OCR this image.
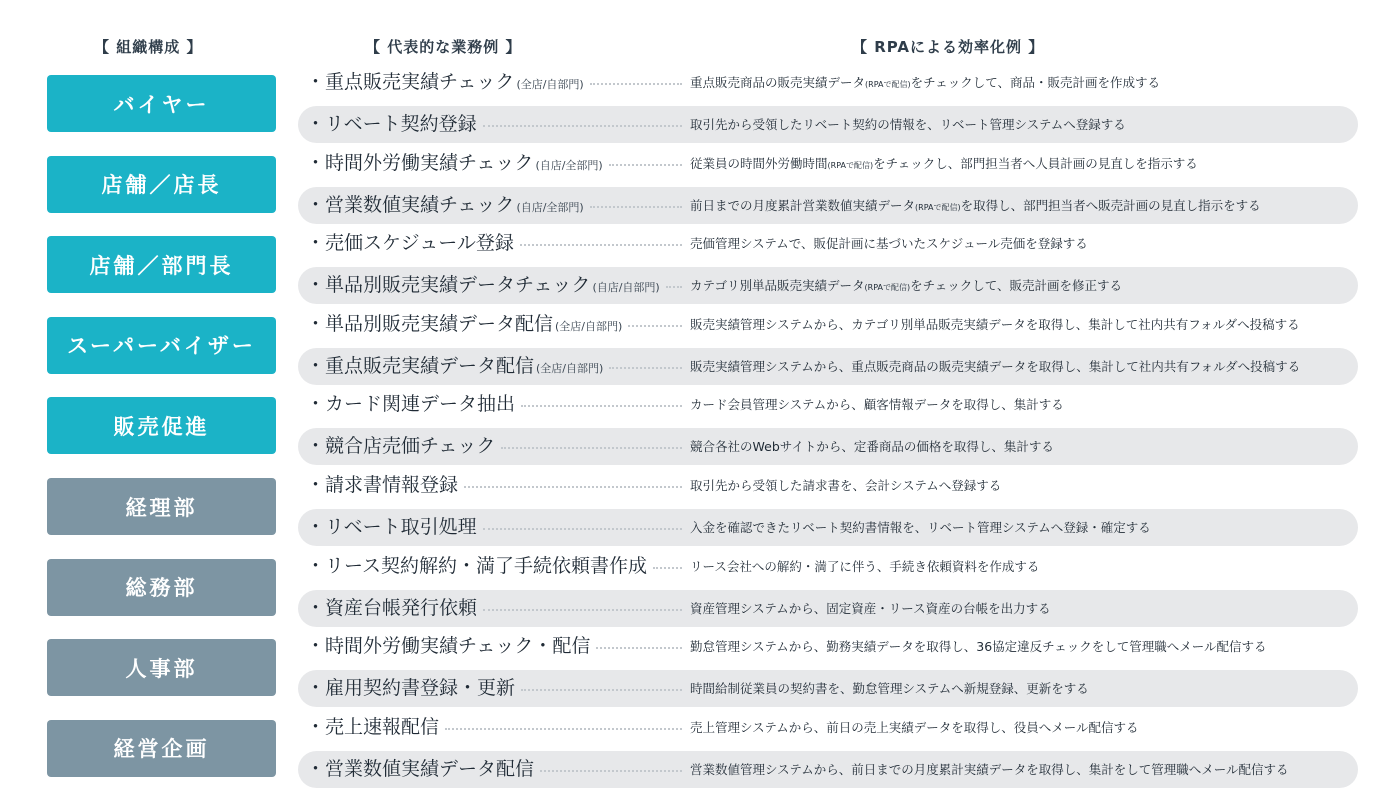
【 組織構成 】	【 代表的な業務例 】	【 RPAによる効率化例 】
バイヤー
・重点販売実績チェック (全店/自部門)	重点販売商品の販売実績データ(RPAで配信)をチェックして、商品・販売計画を作成する
・リベート契約登録	取引先から受領したリベート契約の情報を、リベート管理システムへ登録する
店舗／店長
・時間外労働実績チェック (自店/全部門)	従業員の時間外労働時間(RPAで配信)をチェックし、部門担当者へ人員計画の見直しを指示する
・営業数値実績チェック (自店/全部門)	前日までの月度累計営業数値実績データ(RPAで配信)を取得し、部門担当者へ販売計画の見直し指示をする
店舗／部門長
・売価スケジュール登録	売価管理システムで、販促計画に基づいたスケジュール売価を登録する
・単品別販売実績データチェック (自店/自部門) カテゴリ別単品販売実績データ(RPAで配信)をチェックして、販売計画を修正する
スーパーバイザー
・単品別販売実績データ配信 (全店/自部門)	販売実績管理システムから、カテゴリ別単品販売実績データを取得し、集計して社内共有フォルダへ投稿する
・重点販売実績データ配信 (全店/自部門)	販売実績管理システムから、重点販売商品の販売実績データを取得し、集計して社内共有フォルダへ投稿する
販売促進
・カード関連データ抽出	カード会員管理システムから、顧客情報データを取得し、集計する
・競合店売価チェック	競合各社のWebサイトから、定番商品の価格を取得し、集計する
経理部
・請求書情報登録	取引先から受領した請求書を、会計システムへ登録する
・リベート取引処理	入金を確認できたリベート契約書情報を、リベート管理システムへ登録・確定する
総務部
・リース契約解約・満了手続依頼書作成	リース会社への解約・満了に伴う、手続き依頼資料を作成する
・資産台帳発行依頼	資産管理システムから、固定資産・リース資産の台帳を出力する
人事部
・時間外労働実績チェック・配信	勤怠管理システムから、勤務実績データを取得し、36協定違反チェックをして管理職へメール配信する
・雇用契約書登録・更新	時間給制従業員の契約書を、勤怠管理システムへ新規登録、更新をする
経営企画
・売上速報配信	売上管理システムから、前日の売上実績データを取得し、役員へメール配信する
・営業数値実績データ配信	営業数値管理システムから、前日までの月度累計実績データを取得し、集計をして管理職へメール配信する
